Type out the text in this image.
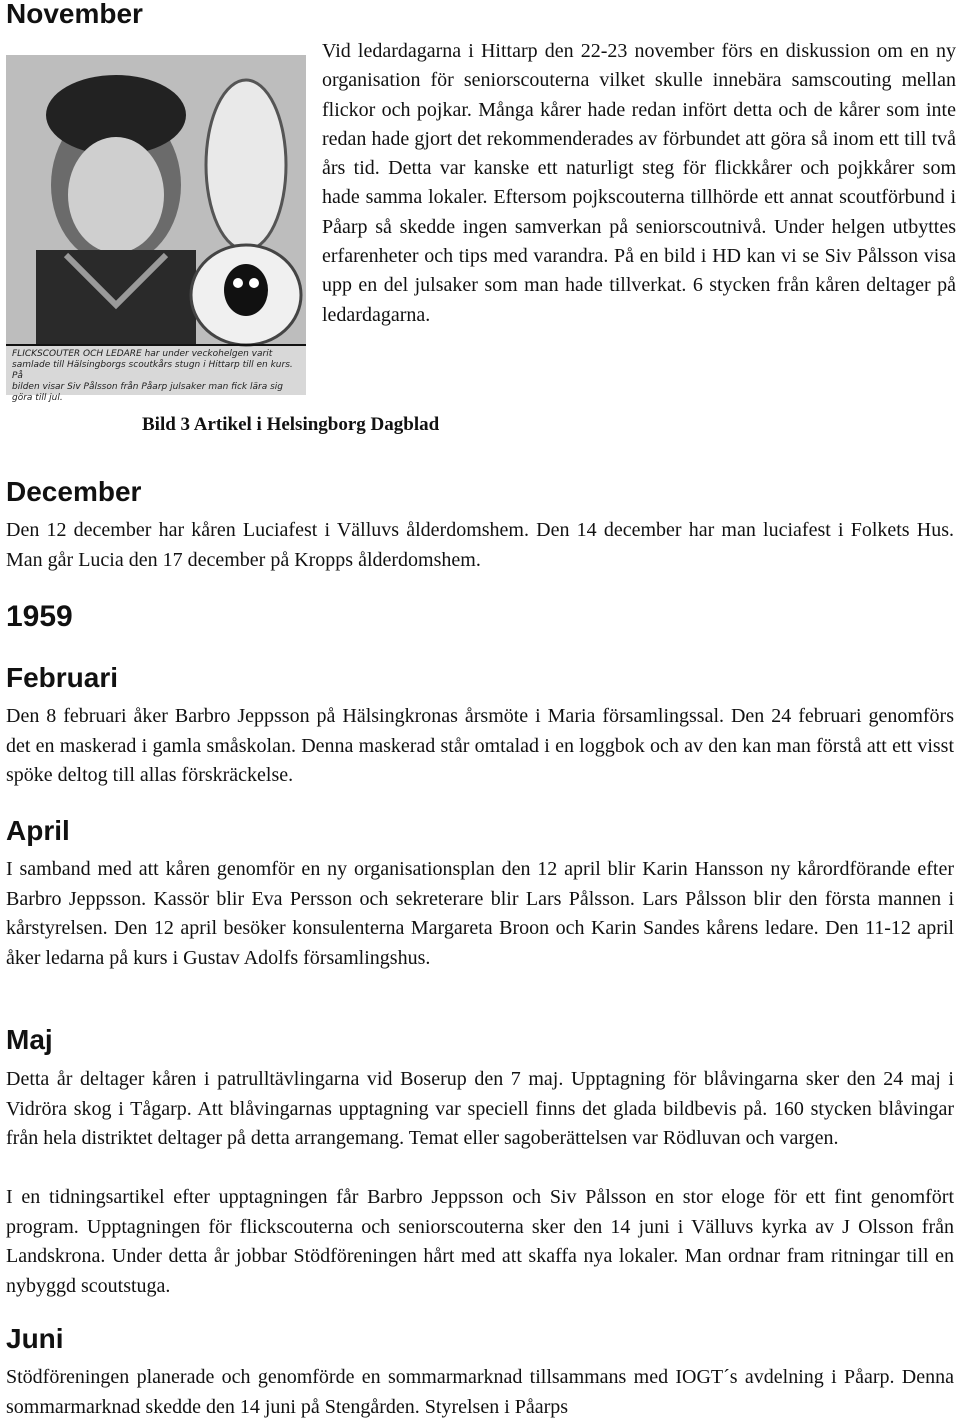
November
FLICKSCOUTER OCH LEDARE har under veckohelgen varit
samlade till Hälsingborgs scoutkårs stugn i Hittarp till en kurs. På
bilden visar Siv Pålsson från Påarp julsaker man fick lära sig
göra till jul.

Vid ledardagarna i Hittarp den 22-23 november förs en diskussion om en ny organisation för seniorscouterna vilket skulle innebära samscouting mellan flickor och pojkar. Många kårer hade redan infört detta och de kårer som inte redan hade gjort det rekommenderades av förbundet att göra så inom ett till två års tid. Detta var kanske ett naturligt steg för flickkårer och pojkkårer som hade samma lokaler. Eftersom pojkscouterna tillhörde ett annat scoutförbund i Påarp så skedde ingen samverkan på seniorscoutnivå. Under helgen utbyttes erfarenheter och tips med varandra. På en bild i HD kan vi se Siv Pålsson visa upp en del julsaker som man hade tillverkat. 6 stycken från kåren deltager på ledardagarna.

Bild 3 Artikel i Helsingborg Dagblad
December

Den 12 december har kåren Luciafest i Välluvs ålderdomshem. Den 14 december har man luciafest i Folkets Hus. Man går Lucia den 17 december på Kropps ålderdomshem.

1959
Februari

Den 8 februari åker Barbro Jeppsson på Hälsingkronas årsmöte i Maria församlingssal. Den 24 februari genomförs det en maskerad i gamla småskolan. Denna maskerad står omtalad i en loggbok och av den kan man förstå att ett visst spöke deltog till allas förskräckelse.

April

I samband med att kåren genomför en ny organisationsplan den 12 april blir Karin Hansson ny kårordförande efter Barbro Jeppsson. Kassör blir Eva Persson och sekreterare blir Lars Pålsson. Lars Pålsson blir den första mannen i kårstyrelsen. Den 12 april besöker konsulenterna Margareta Broon och Karin Sandes kårens ledare. Den 11-12 april åker ledarna på kurs i Gustav Adolfs församlingshus.

Maj

Detta år deltager kåren i patrulltävlingarna vid Boserup den 7 maj. Upptagning för blåvingarna sker den 24 maj i Vidröra skog i Tågarp. Att blåvingarnas upptagning var speciell finns det glada bildbevis på. 160 stycken blåvingar från hela distriktet deltager på detta arrangemang. Temat eller sagoberättelsen var Rödluvan och vargen.

I en tidningsartikel efter upptagningen får Barbro Jeppsson och Siv Pålsson en stor eloge för ett fint genomfört program. Upptagningen för flickscouterna och seniorscouterna sker den 14 juni i Välluvs kyrka av J Olsson från Landskrona. Under detta år jobbar Stödföreningen hårt med att skaffa nya lokaler. Man ordnar fram ritningar till en nybyggd scoutstuga.

Juni

Stödföreningen planerade och genomförde en sommarmarknad tillsammans med IOGT´s avdelning i Påarp. Denna sommarmarknad skedde den 14 juni på Stengården. Styrelsen i Påarps
